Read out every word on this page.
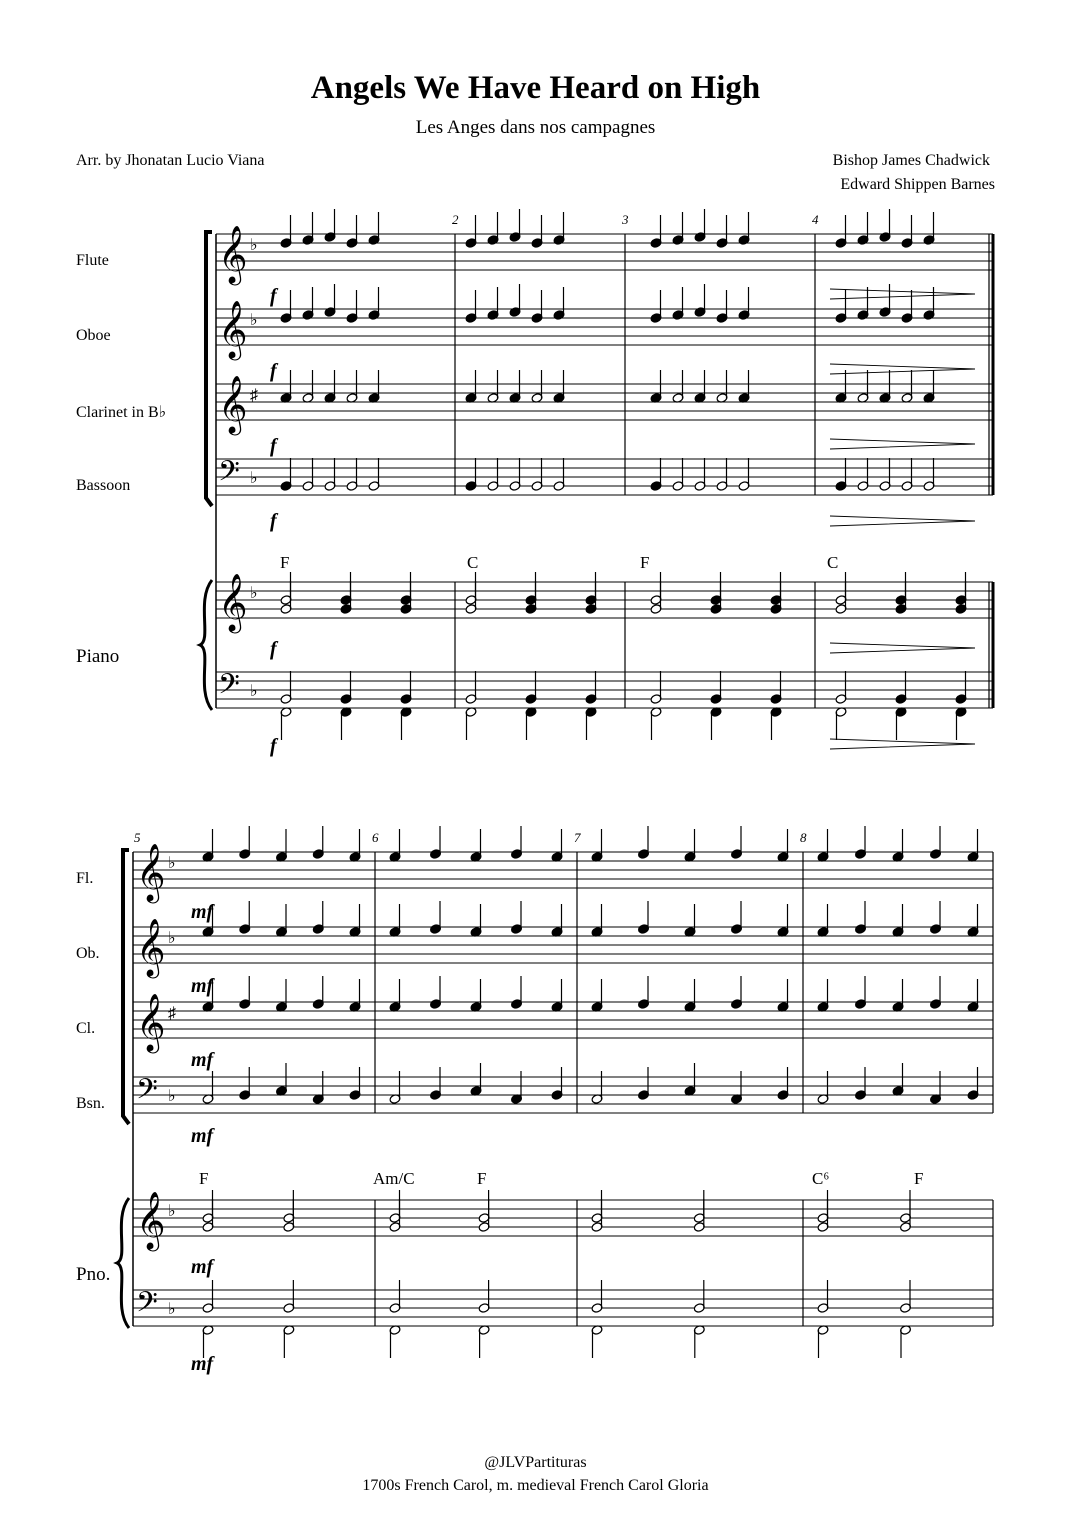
Angels We Have Heard on High
Les Anges dans nos campagnes
Arr. by Jhonatan Lucio Viana	Bishop James Chadwick
Edward Shippen Barnes
Flute
Oboe
Clarinet in B♭
Bassoon
Piano
Fl.
Ob.
Cl.
Bsn.
Pno.
𝄞 ♭
𝄞 ♭
𝄞 ♯
𝄢 ♭
𝄞 ♭
𝄢 ♭
𝄞 ♭
𝄞 ♭
𝄞 ♯
𝄢 ♭
𝄞 ♭
𝄢 ♭
2	3	4
f
f
f
f
f
f
F	C	F	C
5	6	7	8
mf
mf
mf
mf
mf
mf
F	Am/C	F	C⁶	F
@JLVPartituras
1700s French Carol, m. medieval French Carol Gloria
